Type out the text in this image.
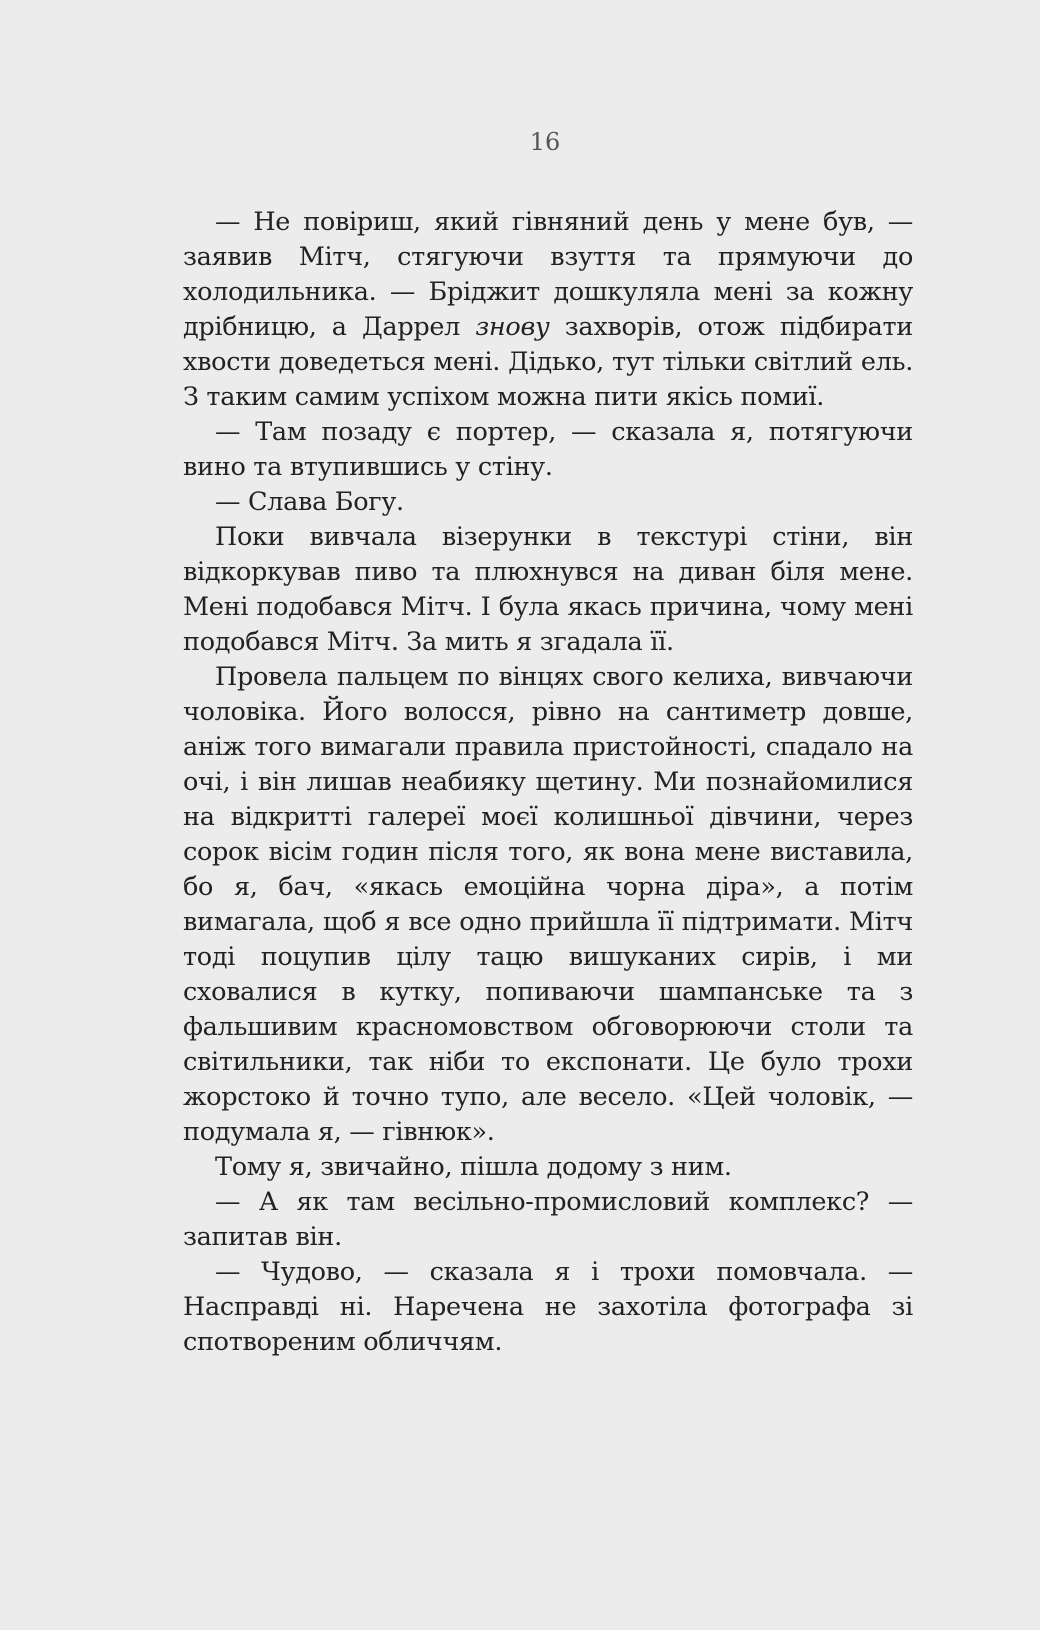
16

— Не повіриш, який гівняний день у мене був, — заявив Мітч, стягуючи взуття та прямуючи до холодильника. — Бріджит дошкуляла мені за кожну дрібницю, а Даррел знову захворів, отож підбирати хвости доведеться мені. Дідько, тут тільки світлий ель. З таким самим успіхом можна пити якісь помиї.

— Там позаду є портер, — сказала я, потягуючи вино та втупившись у стіну.

— Слава Богу.

Поки вивчала візерунки в текстурі стіни, він відкоркував пиво та плюхнувся на диван біля мене. Мені подобався Мітч. І була якась причина, чому мені подобався Мітч. За мить я згадала її.

Провела пальцем по вінцях свого келиха, вивчаючи чоловіка. Його волосся, рівно на сантиметр довше, аніж того вимагали правила пристойності, спадало на очі, і він лишав неабияку щетину. Ми познайомилися на відкритті галереї моєї колишньої дівчини, через сорок вісім годин після того, як вона мене виставила, бо я, бач, «якась емоційна чорна діра», а потім вимагала, щоб я все одно прийшла її підтримати. Мітч тоді поцупив цілу тацю вишуканих сирів, і ми сховалися в кутку, попиваючи шампанське та з фальшивим красномовством обговорюючи столи та світильники, так ніби то експонати. Це було трохи жорстоко й точно тупо, але весело. «Цей чоловік, — подумала я, — гівнюк».

Тому я, звичайно, пішла додому з ним.

— А як там весільно-промисловий комплекс? — запитав він.

— Чудово, — сказала я і трохи помовчала. — Насправді ні. Наречена не захотіла фотографа зі спотвореним обличчям.
